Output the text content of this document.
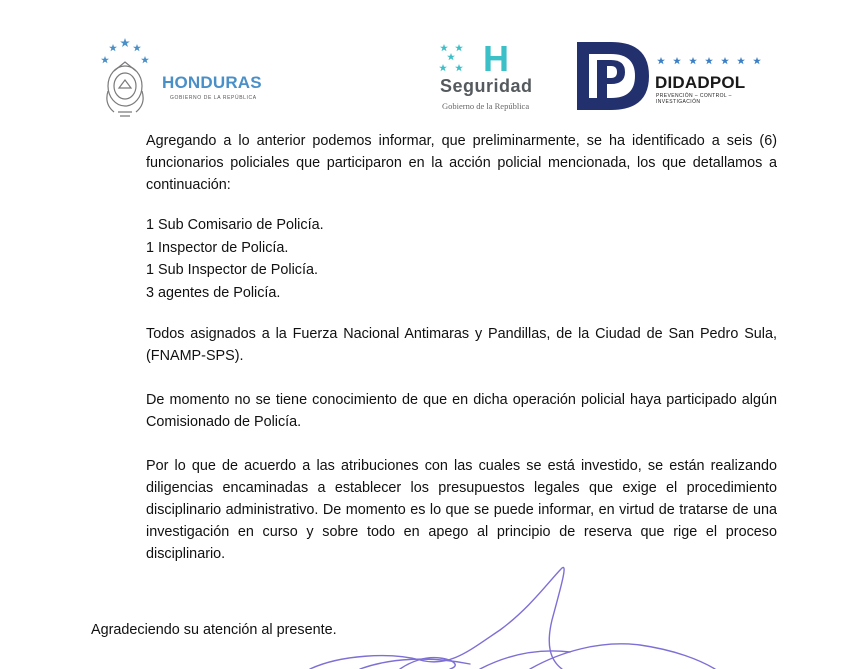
HONDURAS
GOBIERNO DE LA REPÚBLICA
H
Seguridad
Gobierno de la República
DIDADPOL
PREVENCIÓN – CONTROL – INVESTIGACIÓN
Agregando a lo anterior podemos informar, que preliminarmente, se ha identificado a seis (6) funcionarios policiales que participaron en la acción policial mencionada, los que detallamos a continuación:
1 Sub Comisario de Policía.
1 Inspector de Policía.
1 Sub Inspector de Policía.
3 agentes de Policía.
Todos asignados a la Fuerza Nacional Antimaras y Pandillas, de la Ciudad de San Pedro Sula, (FNAMP-SPS).
De momento no se tiene conocimiento de que en dicha operación policial haya participado algún Comisionado de Policía.
Por lo que de acuerdo a las atribuciones con las cuales se está investido, se están realizando diligencias encaminadas a establecer los presupuestos legales que exige el procedimiento disciplinario administrativo. De momento es lo que se puede informar, en virtud de tratarse de una investigación en curso y sobre todo en apego al principio de reserva que rige el proceso disciplinario.
Agradeciendo su atención al presente.
